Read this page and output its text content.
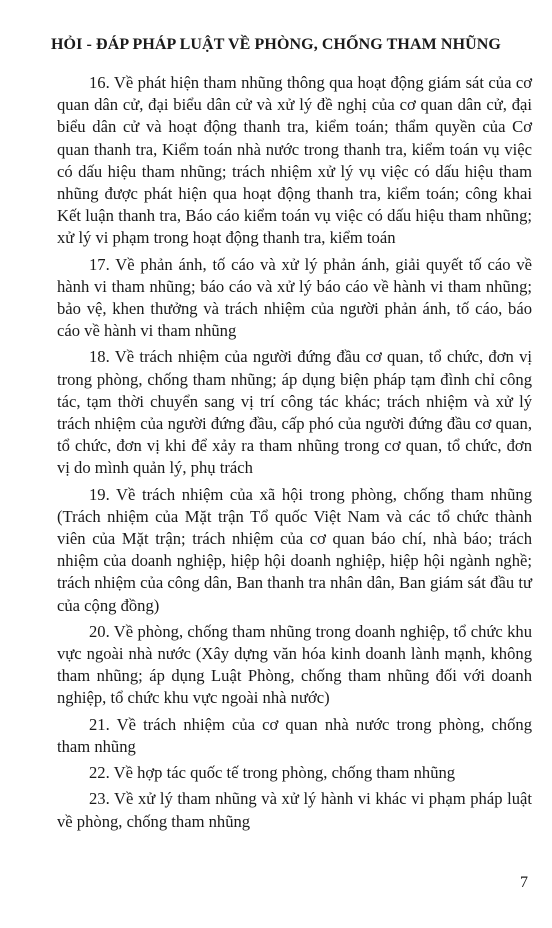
HỎI - ĐÁP PHÁP LUẬT VỀ PHÒNG, CHỐNG THAM NHŨNG

16. Về phát hiện tham nhũng thông qua hoạt động giám sát của cơ quan dân cử, đại biểu dân cử và xử lý đề nghị của cơ quan dân cử, đại biểu dân cử và hoạt động thanh tra, kiểm toán; thẩm quyền của Cơ quan thanh tra, Kiểm toán nhà nước trong thanh tra, kiểm toán vụ việc có dấu hiệu tham nhũng; trách nhiệm xử lý vụ việc có dấu hiệu tham nhũng được phát hiện qua hoạt động thanh tra, kiểm toán; công khai Kết luận thanh tra, Báo cáo kiểm toán vụ việc có dấu hiệu tham nhũng; xử lý vi phạm trong hoạt động thanh tra, kiểm toán

17. Về phản ánh, tố cáo và xử lý phản ánh, giải quyết tố cáo về hành vi tham nhũng; báo cáo và xử lý báo cáo về hành vi tham nhũng; bảo vệ, khen thưởng và trách nhiệm của người phản ánh, tố cáo, báo cáo về hành vi tham nhũng

18. Về trách nhiệm của người đứng đầu cơ quan, tổ chức, đơn vị trong phòng, chống tham nhũng; áp dụng biện pháp tạm đình chỉ công tác, tạm thời chuyển sang vị trí công tác khác; trách nhiệm và xử lý trách nhiệm của người đứng đầu, cấp phó của người đứng đầu cơ quan, tổ chức, đơn vị khi để xảy ra tham nhũng trong cơ quan, tổ chức, đơn vị do mình quản lý, phụ trách

19. Về trách nhiệm của xã hội trong phòng, chống tham nhũng (Trách nhiệm của Mặt trận Tổ quốc Việt Nam và các tổ chức thành viên của Mặt trận; trách nhiệm của cơ quan báo chí, nhà báo; trách nhiệm của doanh nghiệp, hiệp hội doanh nghiệp, hiệp hội ngành nghề; trách nhiệm của công dân, Ban thanh tra nhân dân, Ban giám sát đầu tư của cộng đồng)

20. Về phòng, chống tham nhũng trong doanh nghiệp, tổ chức khu vực ngoài nhà nước (Xây dựng văn hóa kinh doanh lành mạnh, không tham nhũng; áp dụng Luật Phòng, chống tham nhũng đối với doanh nghiệp, tổ chức khu vực ngoài nhà nước)

21. Về trách nhiệm của cơ quan nhà nước trong phòng, chống tham nhũng

22. Về hợp tác quốc tế trong phòng, chống tham nhũng

23. Về xử lý tham nhũng và xử lý hành vi khác vi phạm pháp luật về phòng, chống tham nhũng

7
